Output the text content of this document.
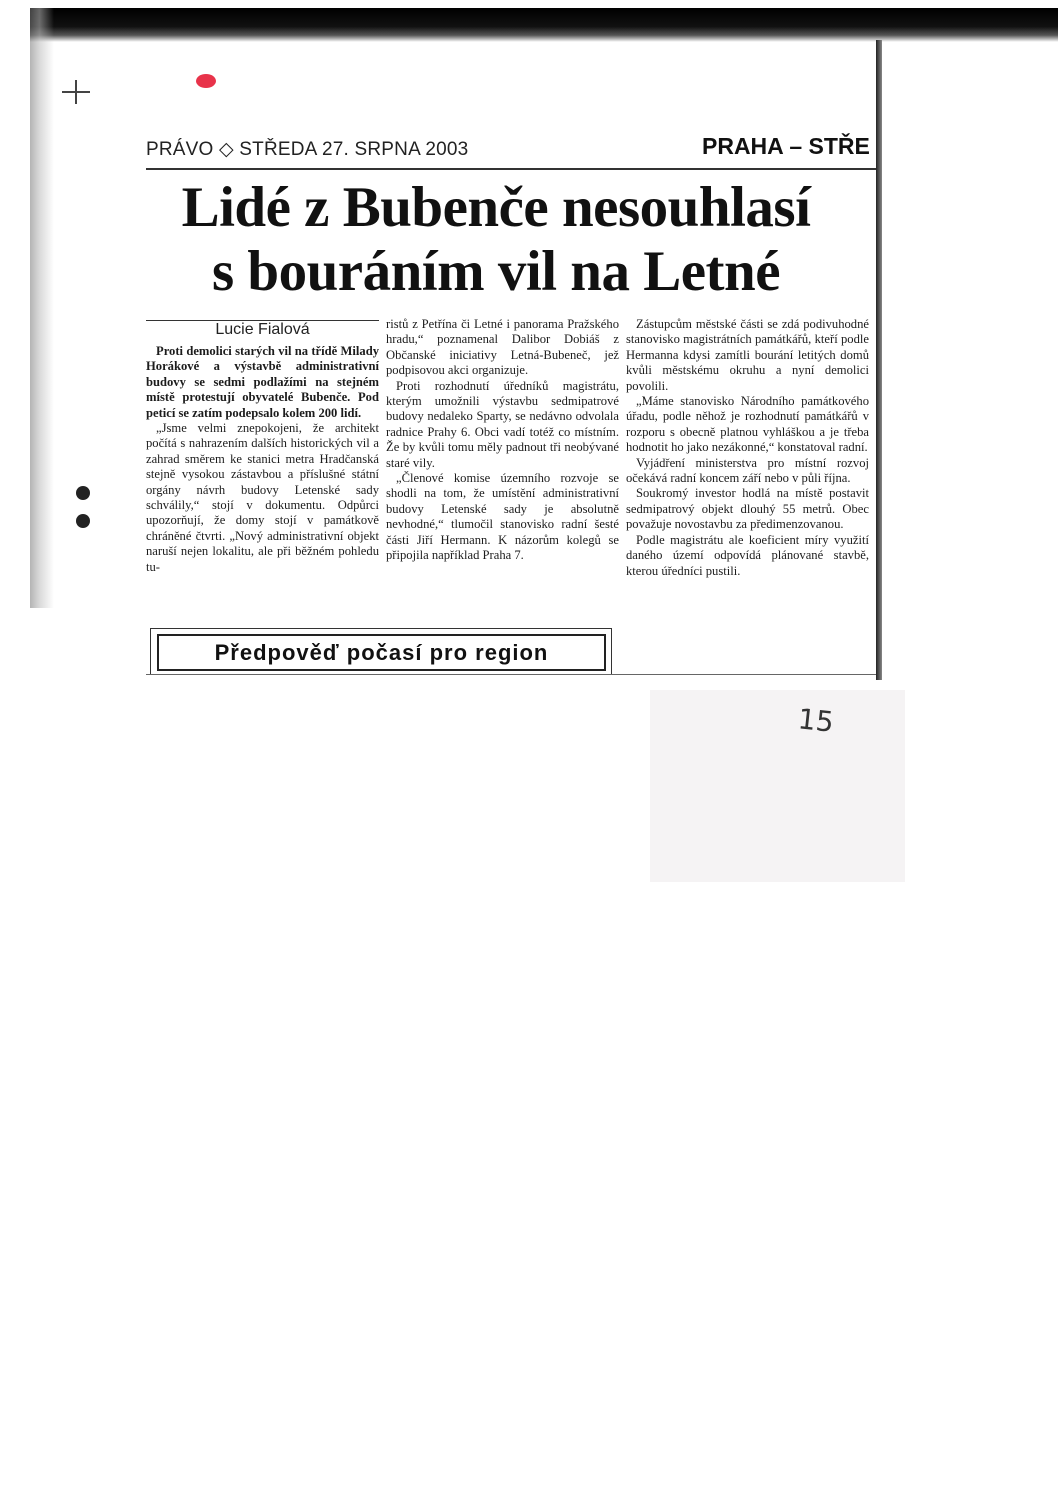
PRÁVO ◇ STŘEDA 27. SRPNA 2003	PRAHA – STŘE
Lidé z Bubenče nesouhlasí
s bouráním vil na Letné
Lucie Fialová

Proti demolici starých vil na třídě Milady Horákové a výstavbě administrativní budovy se sedmi podlažími na stejném místě protestují obyvatelé Bubenče. Pod peticí se zatím podepsalo kolem 200 lidí.

„Jsme velmi znepokojeni, že architekt počítá s nahrazením dalších historických vil a zahrad směrem ke stanici metra Hradčanská stejně vysokou zástavbou a příslušné státní orgány návrh budovy Letenské sady schválily,“ stojí v dokumentu. Odpůrci upozorňují, že domy stojí v památkově chráněné čtvrti. „Nový administrativní objekt naruší nejen lokalitu, ale při běžném pohledu tu-

ristů z Petřína či Letné i panorama Pražského hradu,“ poznamenal Dalibor Dobiáš z Občanské iniciativy Letná-Bubeneč, jež podpisovou akci organizuje.

Proti rozhodnutí úředníků magistrátu, kterým umožnili výstavbu sedmipatrové budovy nedaleko Sparty, se nedávno odvolala radnice Prahy 6. Obci vadí totéž co místním. Že by kvůli tomu měly padnout tři neobývané staré vily.

„Členové komise územního rozvoje se shodli na tom, že umístění administrativní budovy Letenské sady je absolutně nevhodné,“ tlumočil stanovisko radní šesté části Jiří Hermann. K názorům kolegů se připojila například Praha 7.

Zástupcům městské části se zdá podivuhodné stanovisko magistrátních památkářů, kteří podle Hermanna kdysi zamítli bourání letitých domů kvůli městskému okruhu a nyní demolici povolili.

„Máme stanovisko Národního památkového úřadu, podle něhož je rozhodnutí památkářů v rozporu s obecně platnou vyhláškou a je třeba hodnotit ho jako nezákonné,“ konstatoval radní.

Vyjádření ministerstva pro místní rozvoj očekává radní koncem září nebo v půli října.

Soukromý investor hodlá na místě postavit sedmipatrový objekt dlouhý 55 metrů. Obec považuje novostavbu za předimenzovanou.

Podle magistrátu ale koeficient míry využití daného území odpovídá plánované stavbě, kterou úředníci pustili.

Předpověď počasí pro region
15
